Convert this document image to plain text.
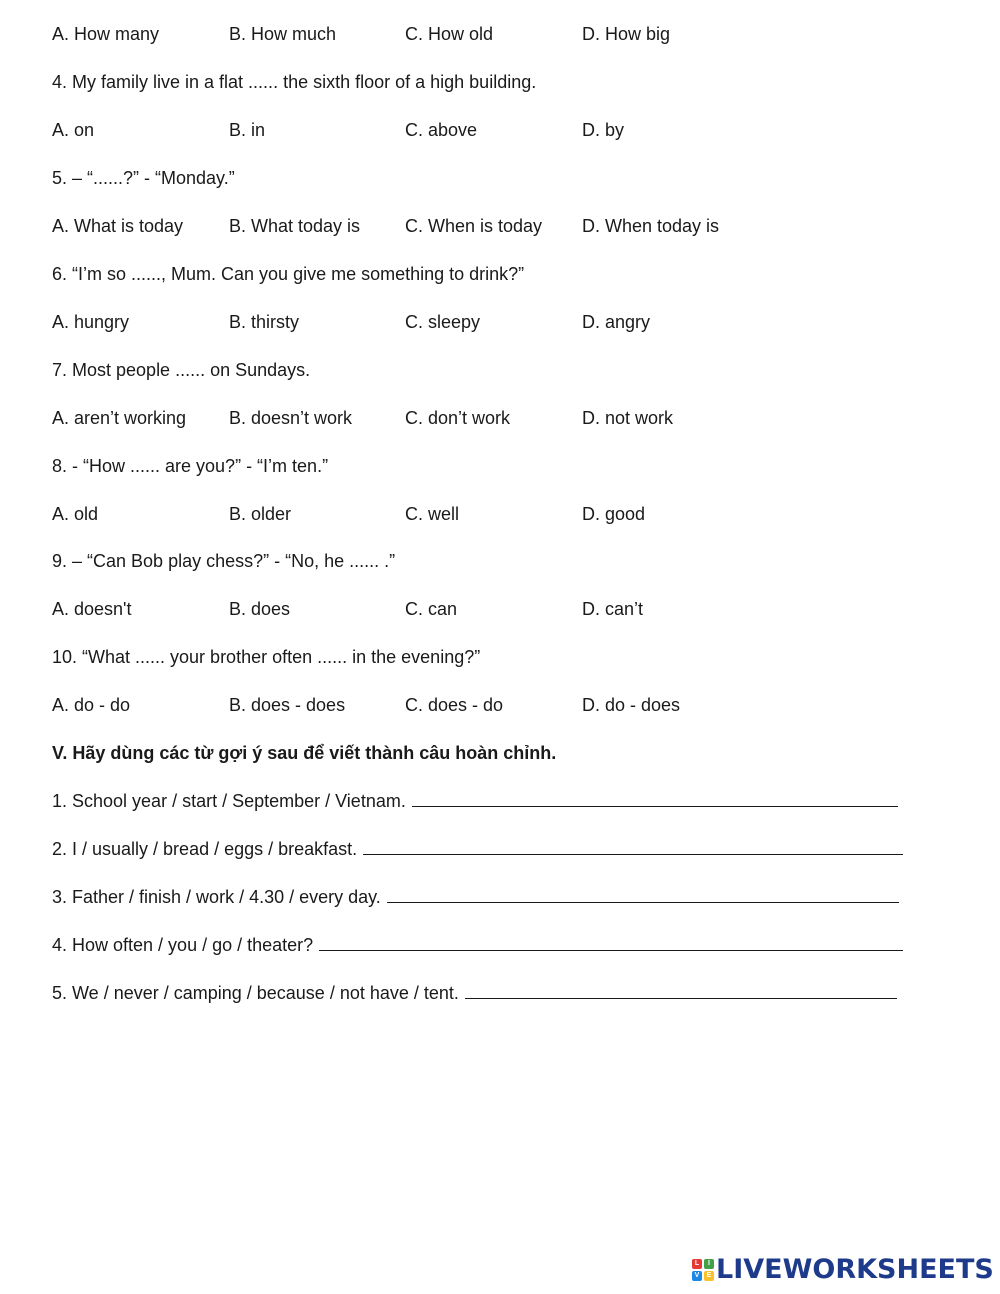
A. How many	B. How much	C. How old	D. How big
4. My family live in a flat ...... the sixth floor of a high building.
A. on	B. in	C. above	D. by
5. – “......?” - “Monday.”
A. What is today	B. What today is C. When is today D. When today is
6. “I’m so ......, Mum. Can you give me something to drink?”
A. hungry	B. thirsty	C. sleepy	D. angry
7. Most people ...... on Sundays.
A. aren’t working B. doesn’t work	C. don’t work	D. not work
8. - “How ...... are you?” - “I’m ten.”
A. old	B. older	C. well	D. good
9. – “Can Bob play chess?” - “No, he ...... .”
A. doesn't	B. does	C. can	D. can’t
10. “What ...... your brother often ...... in the evening?”
A. do - do	B. does - does	C. does - do	D. do - does
V. Hãy dùng các từ gợi ý sau để viết thành câu hoàn chỉnh.
1. School year / start / September / Vietnam.
2. I / usually / bread / eggs / breakfast.
3. Father / finish / work / 4.30 / every day.
4. How often / you / go / theater?
5. We / never / camping / because / not have / tent.
L	I
V	E LIVEWORKSHEETS
